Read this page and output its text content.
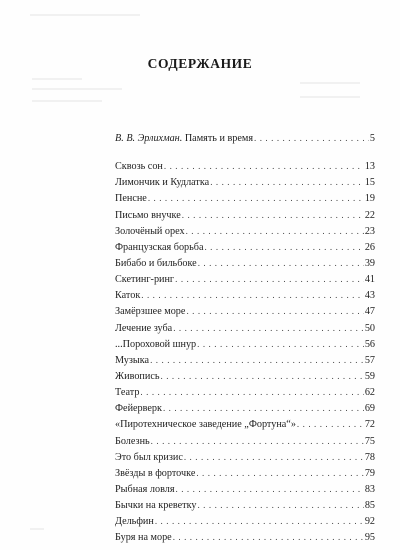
СОДЕРЖАНИЕ
В. В. Эрлихман. Память и время . . .	5
Сквозь сон . . .	13
Лимончик и Кудлатка . . .	15
Пенсне . . .	19
Письмо внучке . . .	22
Золочёный орех . . .	23
Французская борьба . . .	26
Бибабо и бильбоке . . .	39
Скетинг-ринг . . .	41
Каток . . .	43
Замёрзшее море . . .	47
Лечение зуба . . .	50
...Пороховой шнур . . .	56
Музыка . . .	57
Живопись . . .	59
Театр . . .	62
Фейерверк . . .	69
«Пиротехническое заведение „Фортуна“» . . .	72
Болезнь . . .	75
Это был кризис . . .	78
Звёзды в форточке . . .	79
Рыбная ловля . . .	83
Бычки на креветку . . .	85
Дельфин . . .	92
Буря на море . . .	95
